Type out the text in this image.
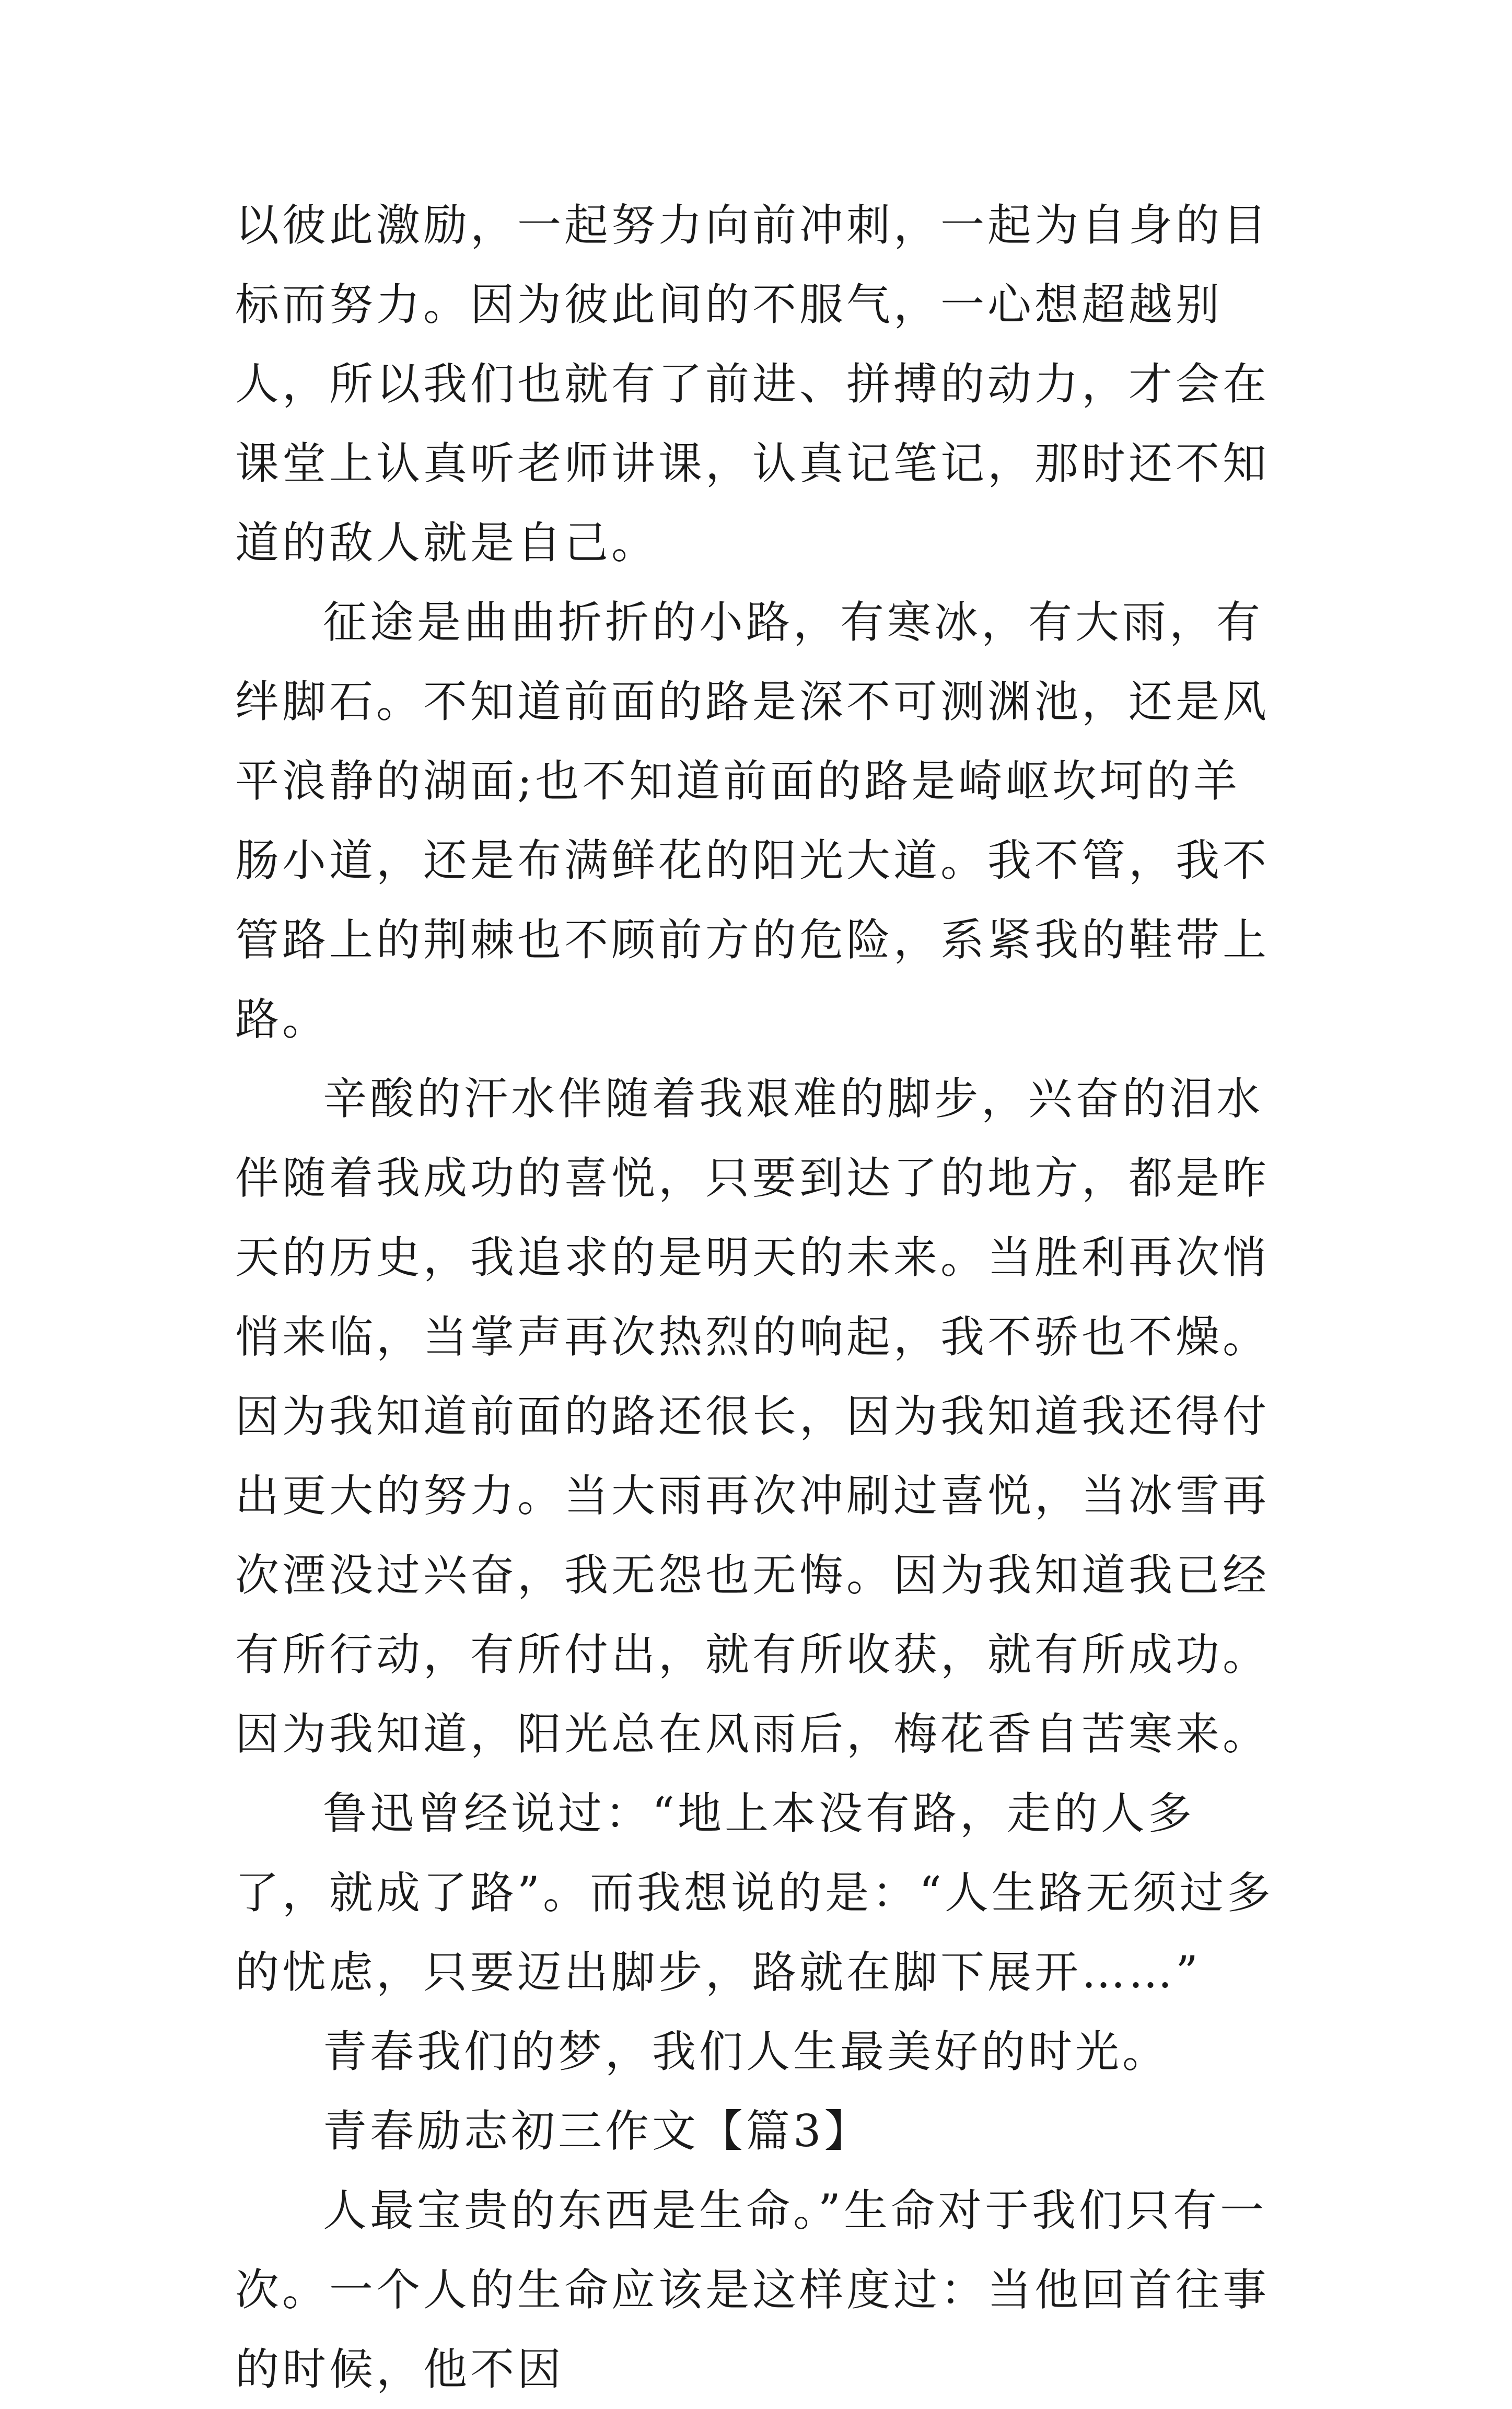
以彼此激励，一起努力向前冲刺，一起为自身的目标而努力。因为彼此间的不服气，一心想超越别人，所以我们也就有了前进、拼搏的动力，才会在课堂上认真听老师讲课，认真记笔记，那时还不知道的敌人就是自己。

征途是曲曲折折的小路，有寒冰，有大雨，有绊脚石。不知道前面的路是深不可测渊池，还是风平浪静的湖面;也不知道前面的路是崎岖坎坷的羊肠小道，还是布满鲜花的阳光大道。我不管，我不管路上的荆棘也不顾前方的危险，系紧我的鞋带上路。

辛酸的汗水伴随着我艰难的脚步，兴奋的泪水伴随着我成功的喜悦，只要到达了的地方，都是昨天的历史，我追求的是明天的未来。当胜利再次悄悄来临，当掌声再次热烈的响起，我不骄也不燥。因为我知道前面的路还很长，因为我知道我还得付出更大的努力。当大雨再次冲刷过喜悦，当冰雪再次湮没过兴奋，我无怨也无悔。因为我知道我已经有所行动，有所付出，就有所收获，就有所成功。因为我知道，阳光总在风雨后，梅花香自苦寒来。

鲁迅曾经说过：“地上本没有路，走的人多了，就成了路”。而我想说的是：“人生路无须过多的忧虑，只要迈出脚步，路就在脚下展开……”

青春我们的梦，我们人生最美好的时光。

青春励志初三作文【篇3】

人最宝贵的东西是生命。”生命对于我们只有一次。一个人的生命应该是这样度过：当他回首往事的时候，他不因
